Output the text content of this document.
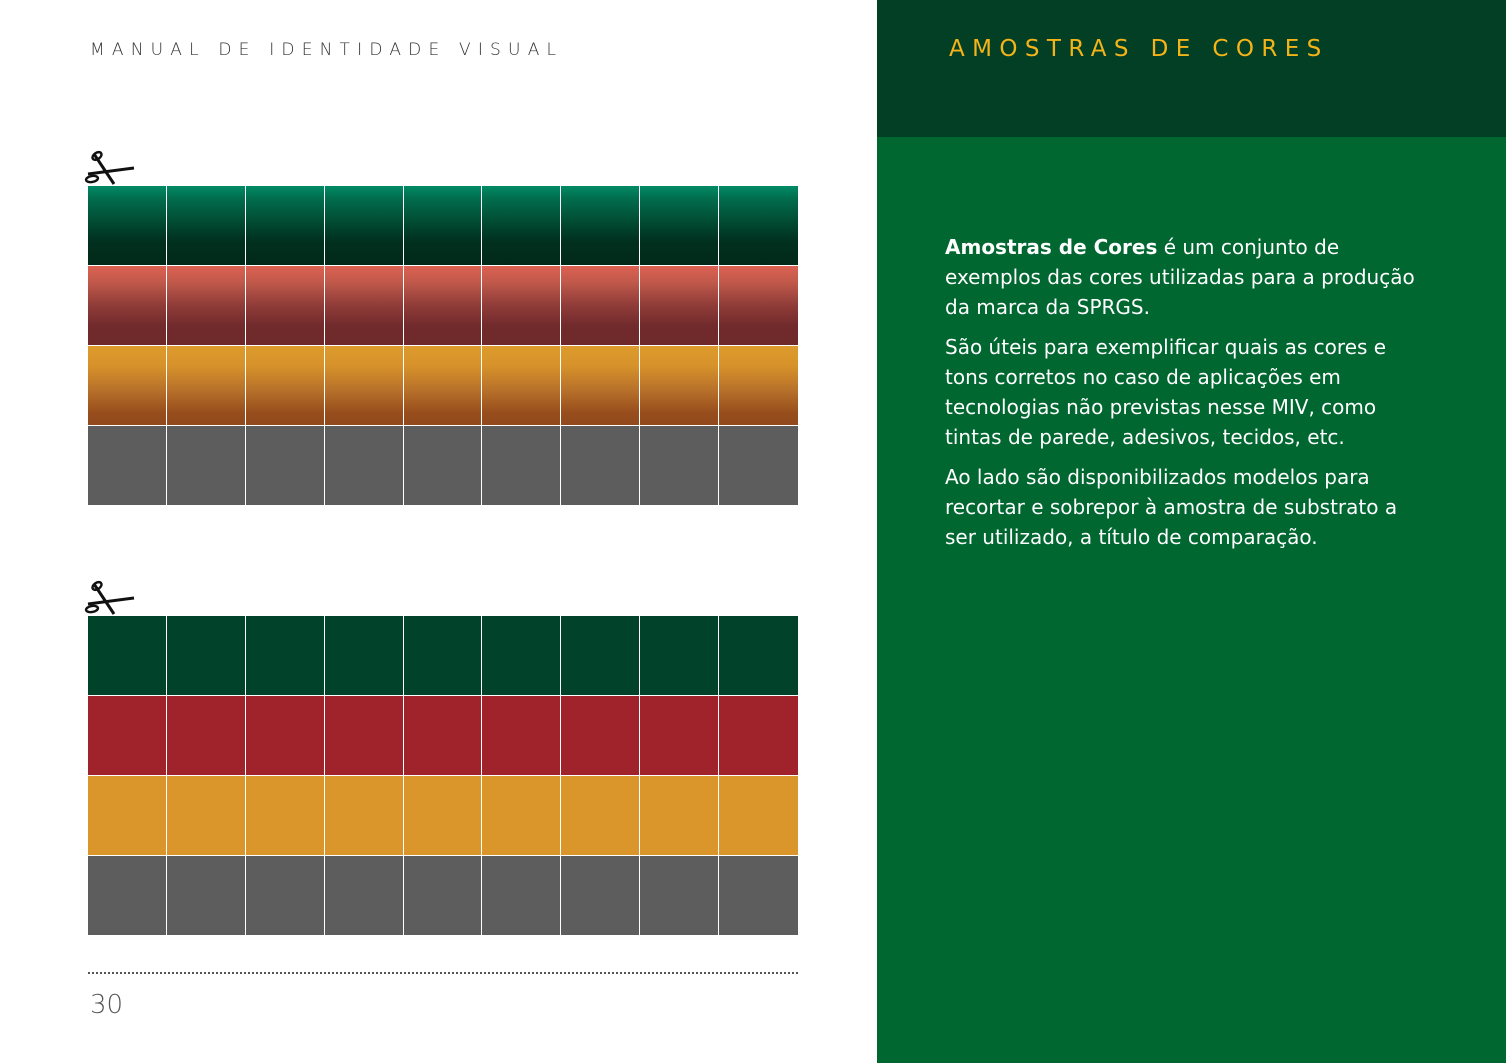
MANUAL DE IDENTIDADE VISUAL
30
AMOSTRAS DE CORES

Amostras de Cores é um conjunto de exemplos das cores utilizadas para a produção da marca da SPRGS.

São úteis para exemplificar quais as cores e tons corretos no caso de aplicações em tecnologias não previstas nesse MIV, como tintas de parede, adesivos, tecidos, etc.

Ao lado são disponibilizados modelos para recortar e sobrepor à amostra de substrato a ser utilizado, a título de comparação.
